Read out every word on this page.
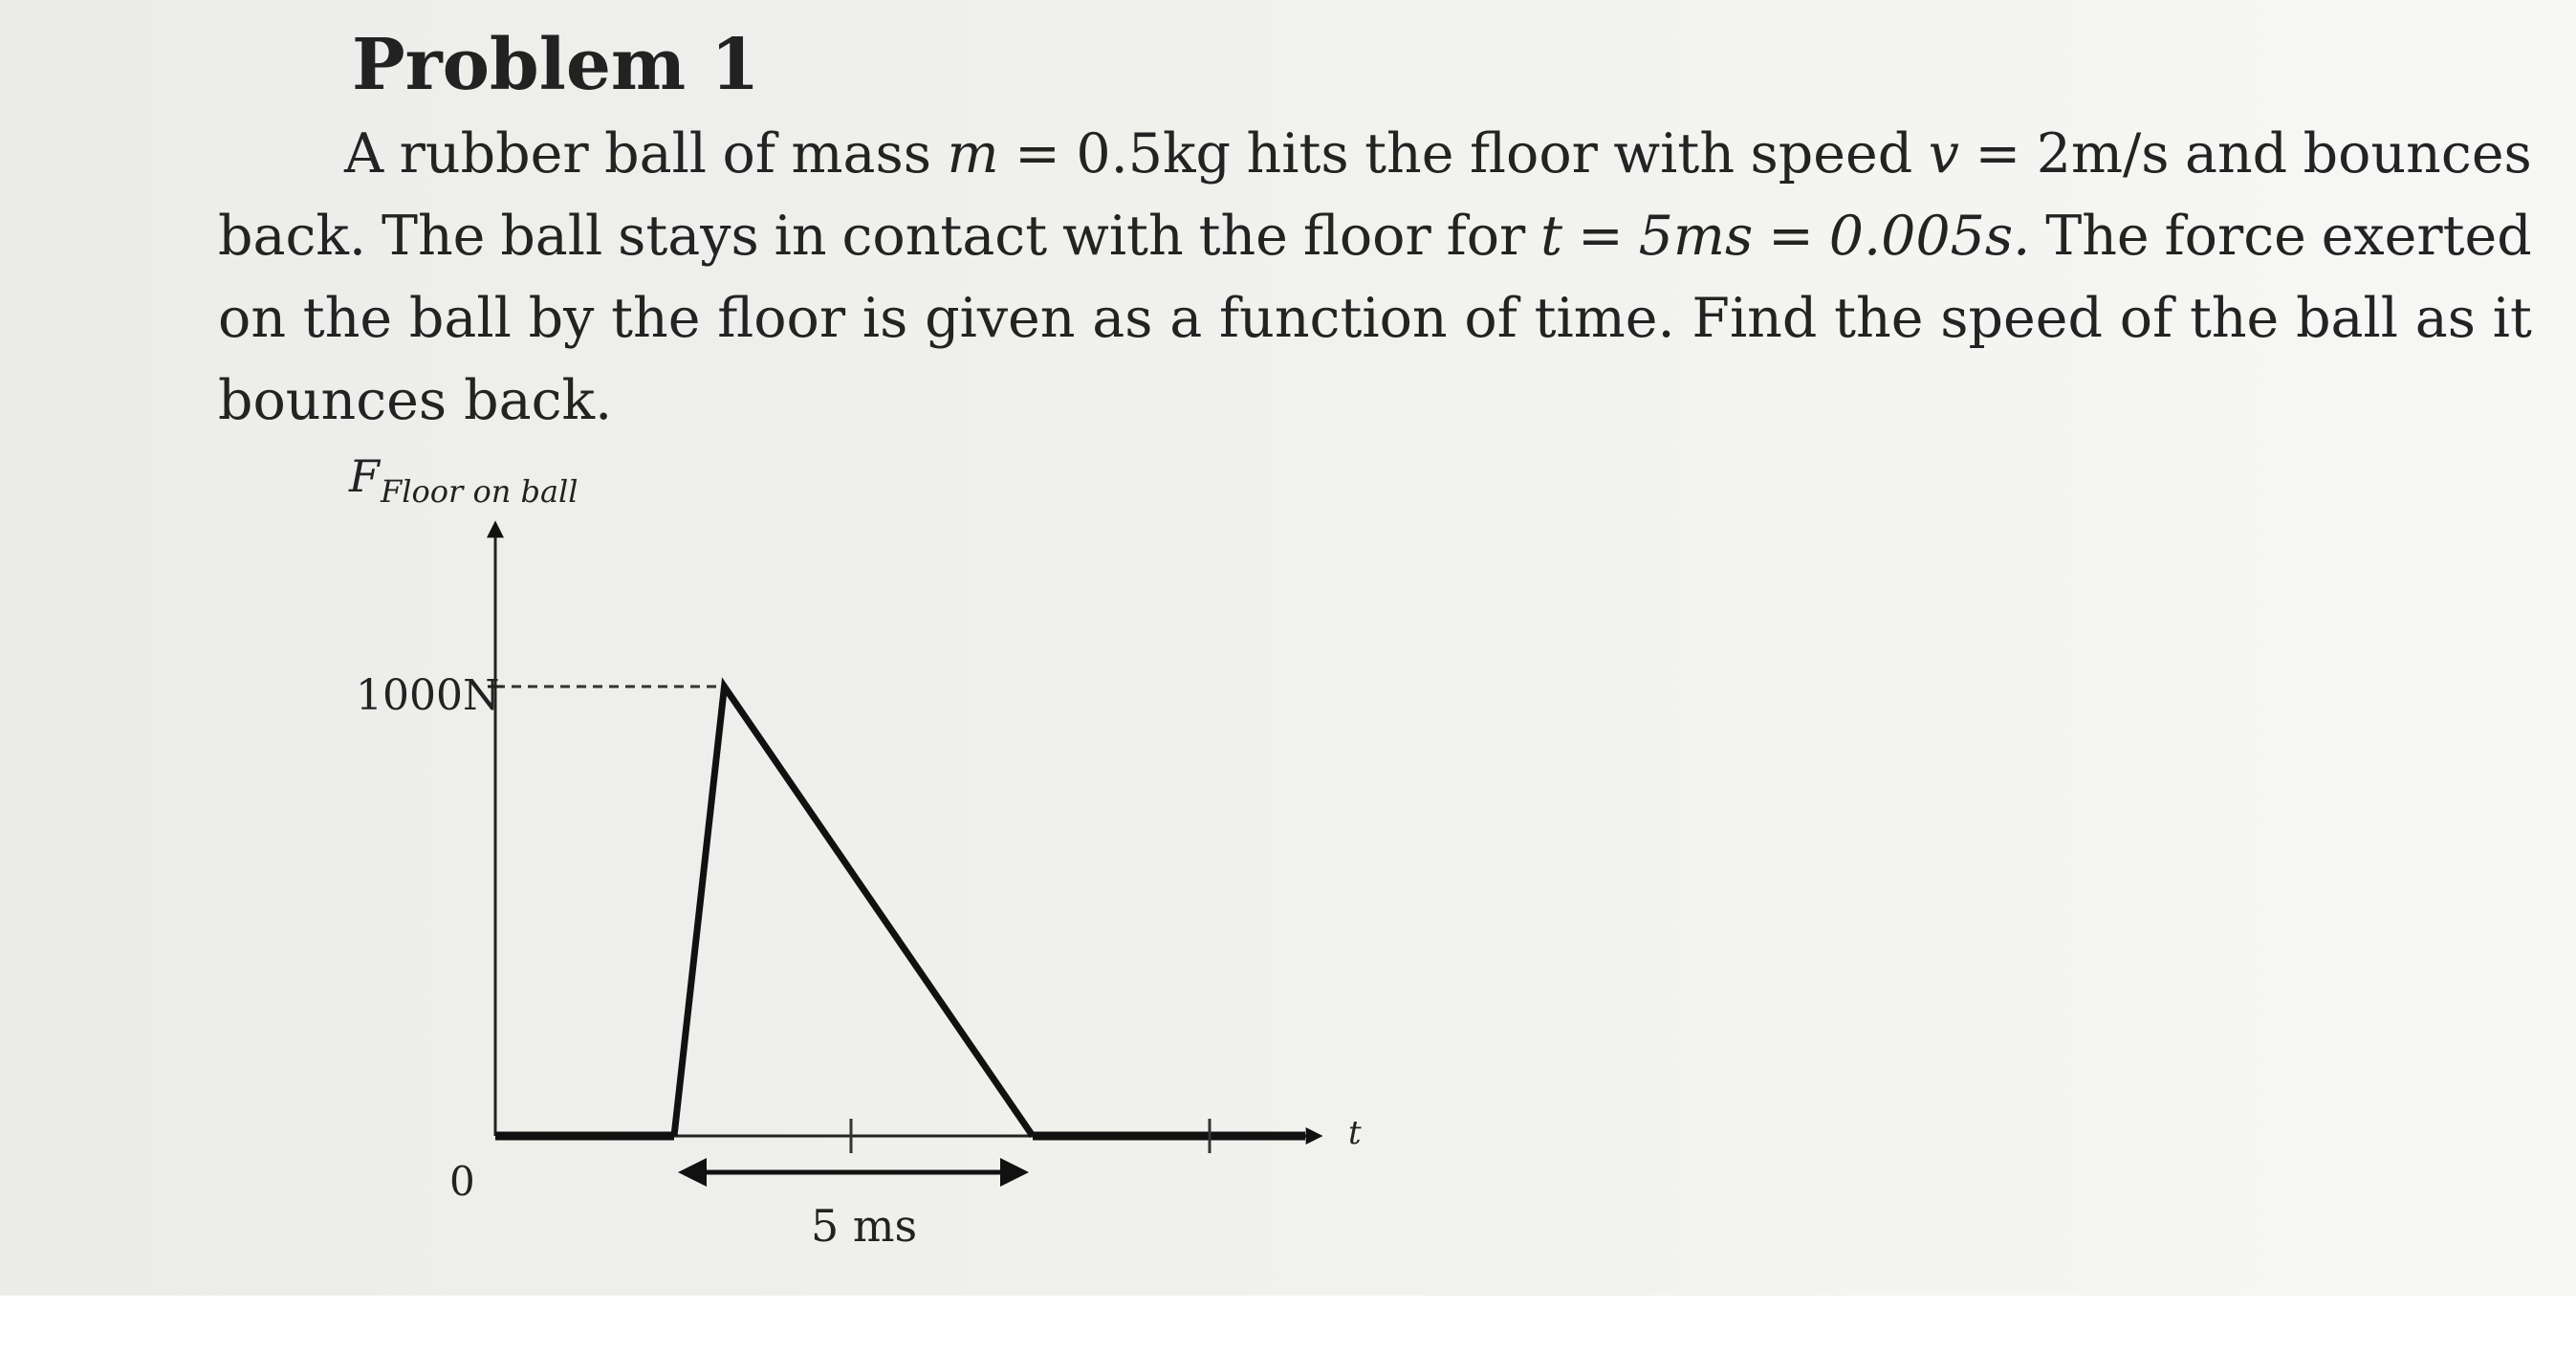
Problem 1
A rubber ball of mass m = 0.5kg hits the floor with speed v = 2m/s and bounces
back. The ball stays in contact with the floor for t = 5ms = 0.005s. The force exerted
on the ball by the floor is given as a function of time. Find the speed of the ball as it
bounces back.
F Floor on ball
1000N
0
5 ms
t
